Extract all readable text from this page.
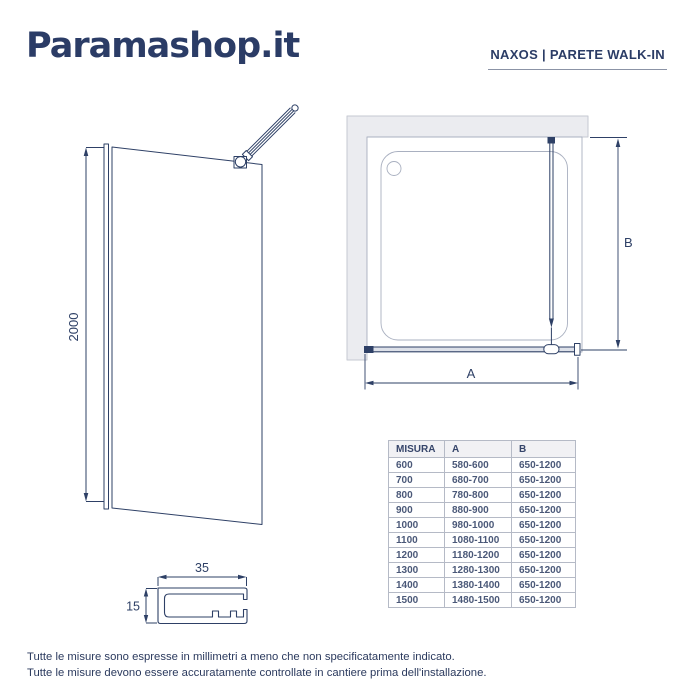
Paramashop.it	NAXOS | PARETE WALK-IN
2000
A
B
35
15
MISURA	A	B
600	580-600	650-1200
700	680-700	650-1200
800	780-800	650-1200
900	880-900	650-1200
1000	980-1000	650-1200
1100	1080-1100	650-1200
1200	1180-1200	650-1200
1300	1280-1300	650-1200
1400	1380-1400	650-1200
1500	1480-1500	650-1200
Tutte le misure sono espresse in millimetri a meno che non specificatamente indicato.
Tutte le misure devono essere accuratamente controllate in cantiere prima dell'installazione.
